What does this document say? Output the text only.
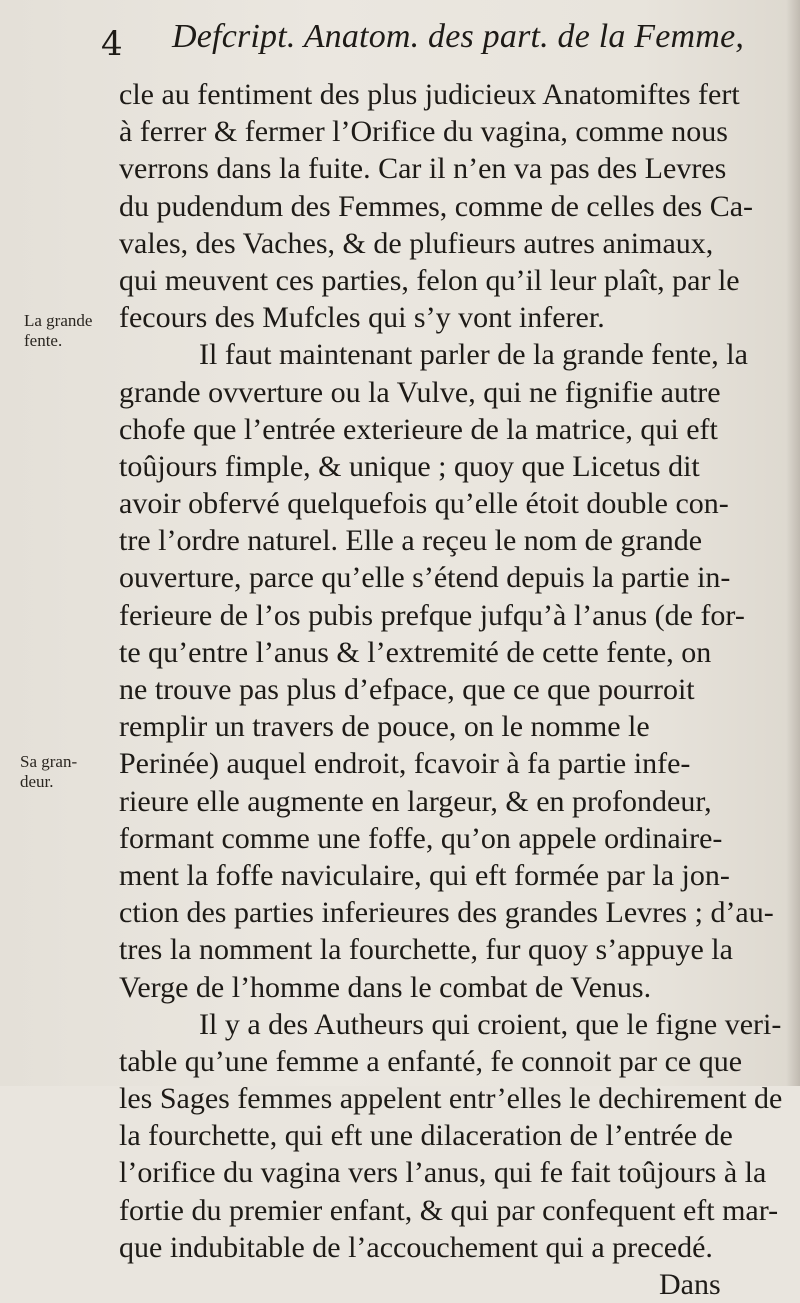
4 Defcript. Anatom. des part. de la Femme,
La grande
fente.
Sa gran-
deur.
cle au fentiment des plus judicieux Anatomiftes fert
à ferrer & fermer l’Orifice du vagina, comme nous
verrons dans la fuite. Car il n’en va pas des Levres
du pudendum des Femmes, comme de celles des Ca-
vales, des Vaches, & de plufieurs autres animaux,
qui meuvent ces parties, felon qu’il leur plaît, par le
fecours des Mufcles qui s’y vont inferer.
Il faut maintenant parler de la grande fente, la
grande ovverture ou la Vulve, qui ne fignifie autre
chofe que l’entrée exterieure de la matrice, qui eft
toûjours fimple, & unique ; quoy que Licetus dit
avoir obfervé quelquefois qu’elle étoit double con-
tre l’ordre naturel. Elle a reçeu le nom de grande
ouverture, parce qu’elle s’étend depuis la partie in-
ferieure de l’os pubis prefque jufqu’à l’anus (de for-
te qu’entre l’anus & l’extremité de cette fente, on
ne trouve pas plus d’efpace, que ce que pourroit
remplir un travers de pouce, on le nomme le
Perinée) auquel endroit, fcavoir à fa partie infe-
rieure elle augmente en largeur, & en profondeur,
formant comme une foffe, qu’on appele ordinaire-
ment la foffe naviculaire, qui eft formée par la jon-
ction des parties inferieures des grandes Levres ; d’au-
tres la nomment la fourchette, fur quoy s’appuye la
Verge de l’homme dans le combat de Venus.
Il y a des Autheurs qui croient, que le figne veri-
table qu’une femme a enfanté, fe connoit par ce que
les Sages femmes appelent entr’elles le dechirement de
la fourchette, qui eft une dilaceration de l’entrée de
l’orifice du vagina vers l’anus, qui fe fait toûjours à la
fortie du premier enfant, & qui par confequent eft mar-
que indubitable de l’accouchement qui a precedé.
Dans
